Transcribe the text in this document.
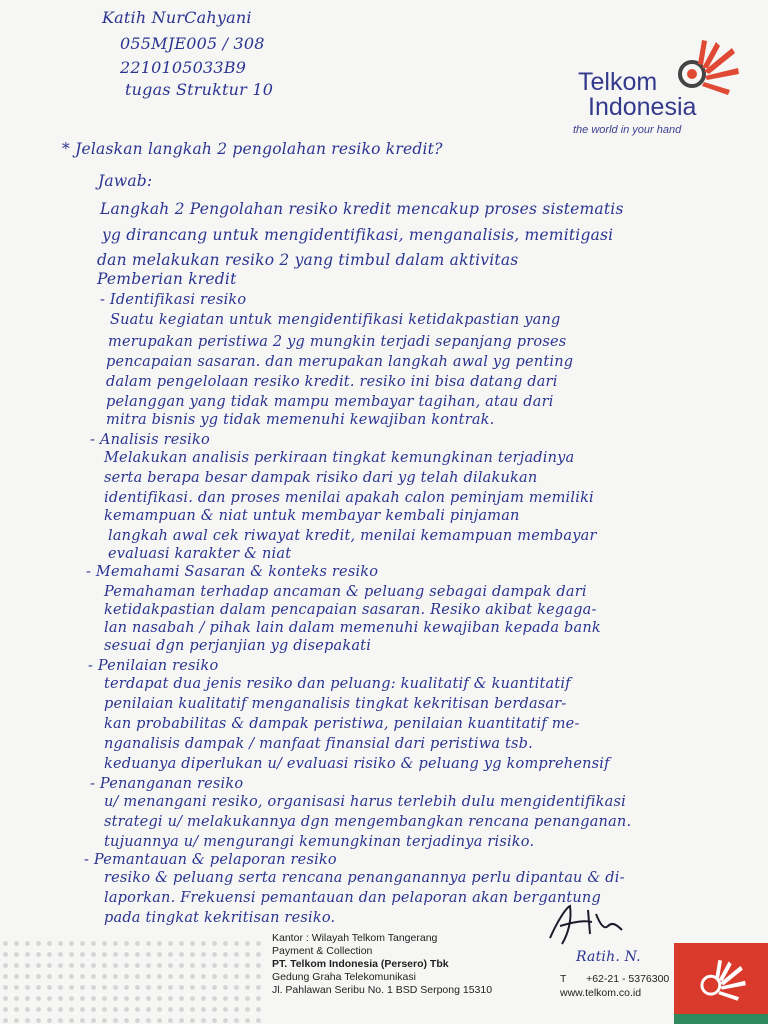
Katih NurCahyani
055MJE005 / 308
2210105033B9
tugas Struktur 10	Telkom
Indonesia
the world in your hand
* Jelaskan langkah 2 pengolahan resiko kredit?
Jawab:
Langkah 2 Pengolahan resiko kredit mencakup proses sistematis
yg dirancang untuk mengidentifikasi, menganalisis, memitigasi
dan melakukan resiko 2 yang timbul dalam aktivitas
Pemberian kredit
- Identifikasi resiko
Suatu kegiatan untuk mengidentifikasi ketidakpastian yang
merupakan peristiwa 2 yg mungkin terjadi sepanjang proses
pencapaian sasaran. dan merupakan langkah awal yg penting
dalam pengelolaan resiko kredit. resiko ini bisa datang dari
pelanggan yang tidak mampu membayar tagihan, atau dari
mitra bisnis yg tidak memenuhi kewajiban kontrak.
- Analisis resiko
Melakukan analisis perkiraan tingkat kemungkinan terjadinya
serta berapa besar dampak risiko dari yg telah dilakukan
identifikasi. dan proses menilai apakah calon peminjam memiliki
kemampuan & niat untuk membayar kembali pinjaman
langkah awal cek riwayat kredit, menilai kemampuan membayar
evaluasi karakter & niat
- Memahami Sasaran & konteks resiko
Pemahaman terhadap ancaman & peluang sebagai dampak dari
ketidakpastian dalam pencapaian sasaran. Resiko akibat kegaga-
lan nasabah / pihak lain dalam memenuhi kewajiban kepada bank
sesuai dgn perjanjian yg disepakati
- Penilaian resiko
terdapat dua jenis resiko dan peluang: kualitatif & kuantitatif
penilaian kualitatif menganalisis tingkat kekritisan berdasar-
kan probabilitas & dampak peristiwa, penilaian kuantitatif me-
nganalisis dampak / manfaat finansial dari peristiwa tsb.
keduanya diperlukan u/ evaluasi risiko & peluang yg komprehensif
- Penanganan resiko
u/ menangani resiko, organisasi harus terlebih dulu mengidentifikasi
strategi u/ melakukannya dgn mengembangkan rencana penanganan.
tujuannya u/ mengurangi kemungkinan terjadinya risiko.
- Pemantauan & pelaporan resiko
resiko & peluang serta rencana penanganannya perlu dipantau & di-
laporkan. Frekuensi pemantauan dan pelaporan akan bergantung
pada tingkat kekritisan resiko.
Ratih. N.
Kantor : Wilayah Telkom Tangerang
Payment & Collection
PT. Telkom Indonesia (Persero) Tbk
Gedung Graha Telekomunikasi
Jl. Pahlawan Seribu No. 1 BSD Serpong 15310
T +62-21 - 5376300
www.telkom.co.id
